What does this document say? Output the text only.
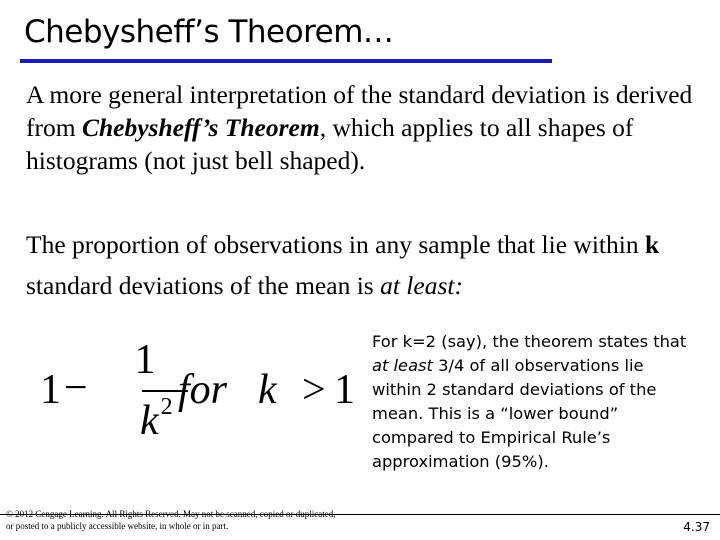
Chebysheff’s Theorem…
A more general interpretation of the standard deviation is derived from Chebysheff’s Theorem, which applies to all shapes of histograms (not just bell shaped).
The proportion of observations in any sample that lie within k standard deviations of the mean is at least:
1 −
1
$k^2$ for k > 1
For k=2 (say), the theorem states that at least 3/4 of all observations lie within 2 standard deviations of the mean. This is a “lower bound” compared to Empirical Rule’s approximation (95%).
© 2012 Cengage Learning. All Rights Reserved. May not be scanned, copied or duplicated, or posted to a publicly accessible website, in whole or in part.	4.37
